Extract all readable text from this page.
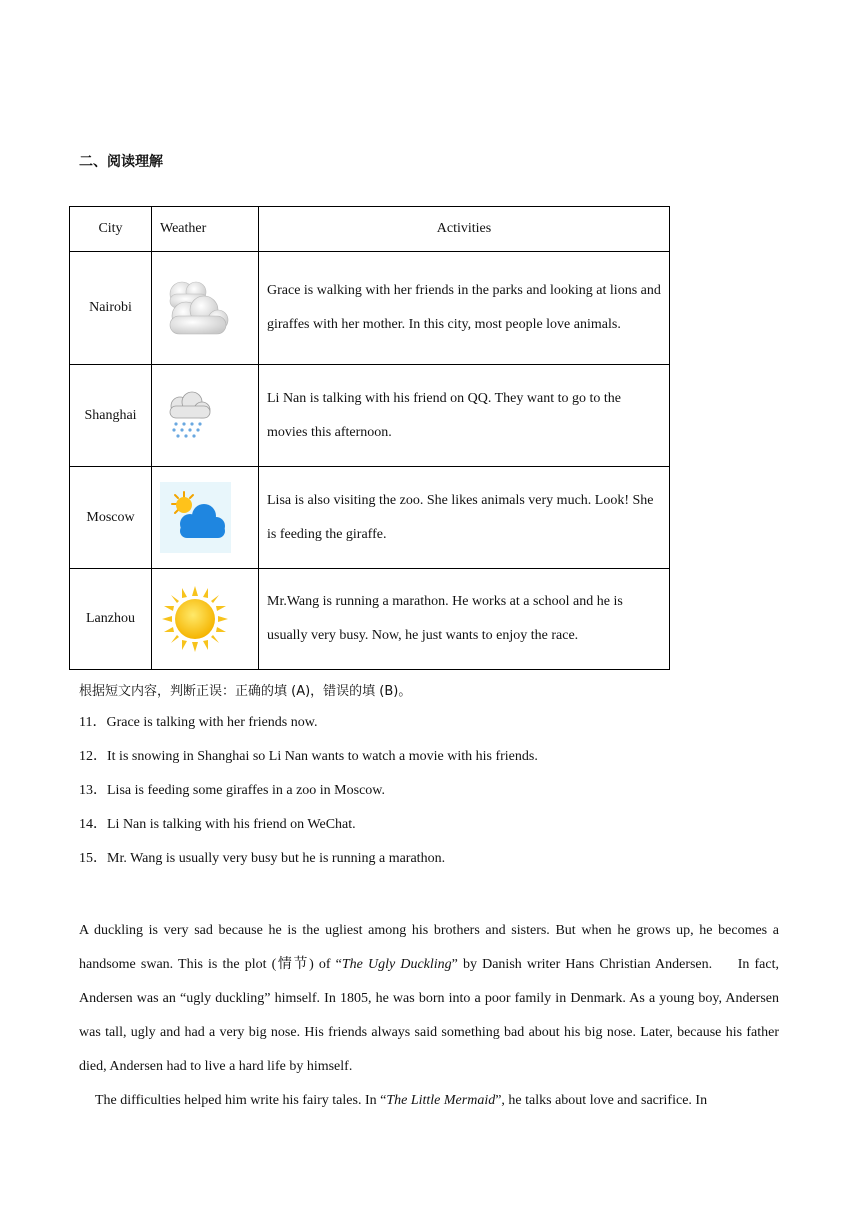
二、阅读理解
City	Weather	Activities
Nairobi		Grace is walking with her friends in the parks and looking at lions and giraffes with her mother. In this city, most people love animals.
Shanghai		Li Nan is talking with his friend on QQ. They want to go to the movies this afternoon.
Moscow		Lisa is also visiting the zoo. She likes animals very much. Look! She is feeding the giraffe.
Lanzhou		Mr.Wang is running a marathon. He works at a school and he is usually very busy. Now, he just wants to enjoy the race.
根据短文内容，判断正误：正确的填 (A)，错误的填 (B)。
11．Grace is talking with her friends now.
12．It is snowing in Shanghai so Li Nan wants to watch a movie with his friends.
13．Lisa is feeding some giraffes in a zoo in Moscow.
14．Li Nan is talking with his friend on WeChat.
15．Mr. Wang is usually very busy but he is running a marathon.

A duckling is very sad because he is the ugliest among his brothers and sisters. But when he grows up, he becomes a handsome swan. This is the plot (情节) of “The Ugly Duckling” by Danish writer Hans Christian Andersen.     In fact, Andersen was an “ugly duckling” himself. In 1805, he was born into a poor family in Denmark. As a young boy, Andersen was tall, ugly and had a very big nose. His friends always said something bad about his big nose. Later, because his father died, Andersen had to live a hard life by himself.

The difficulties helped him write his fairy tales. In “The Little Mermaid”, he talks about love and sacrifice. In
